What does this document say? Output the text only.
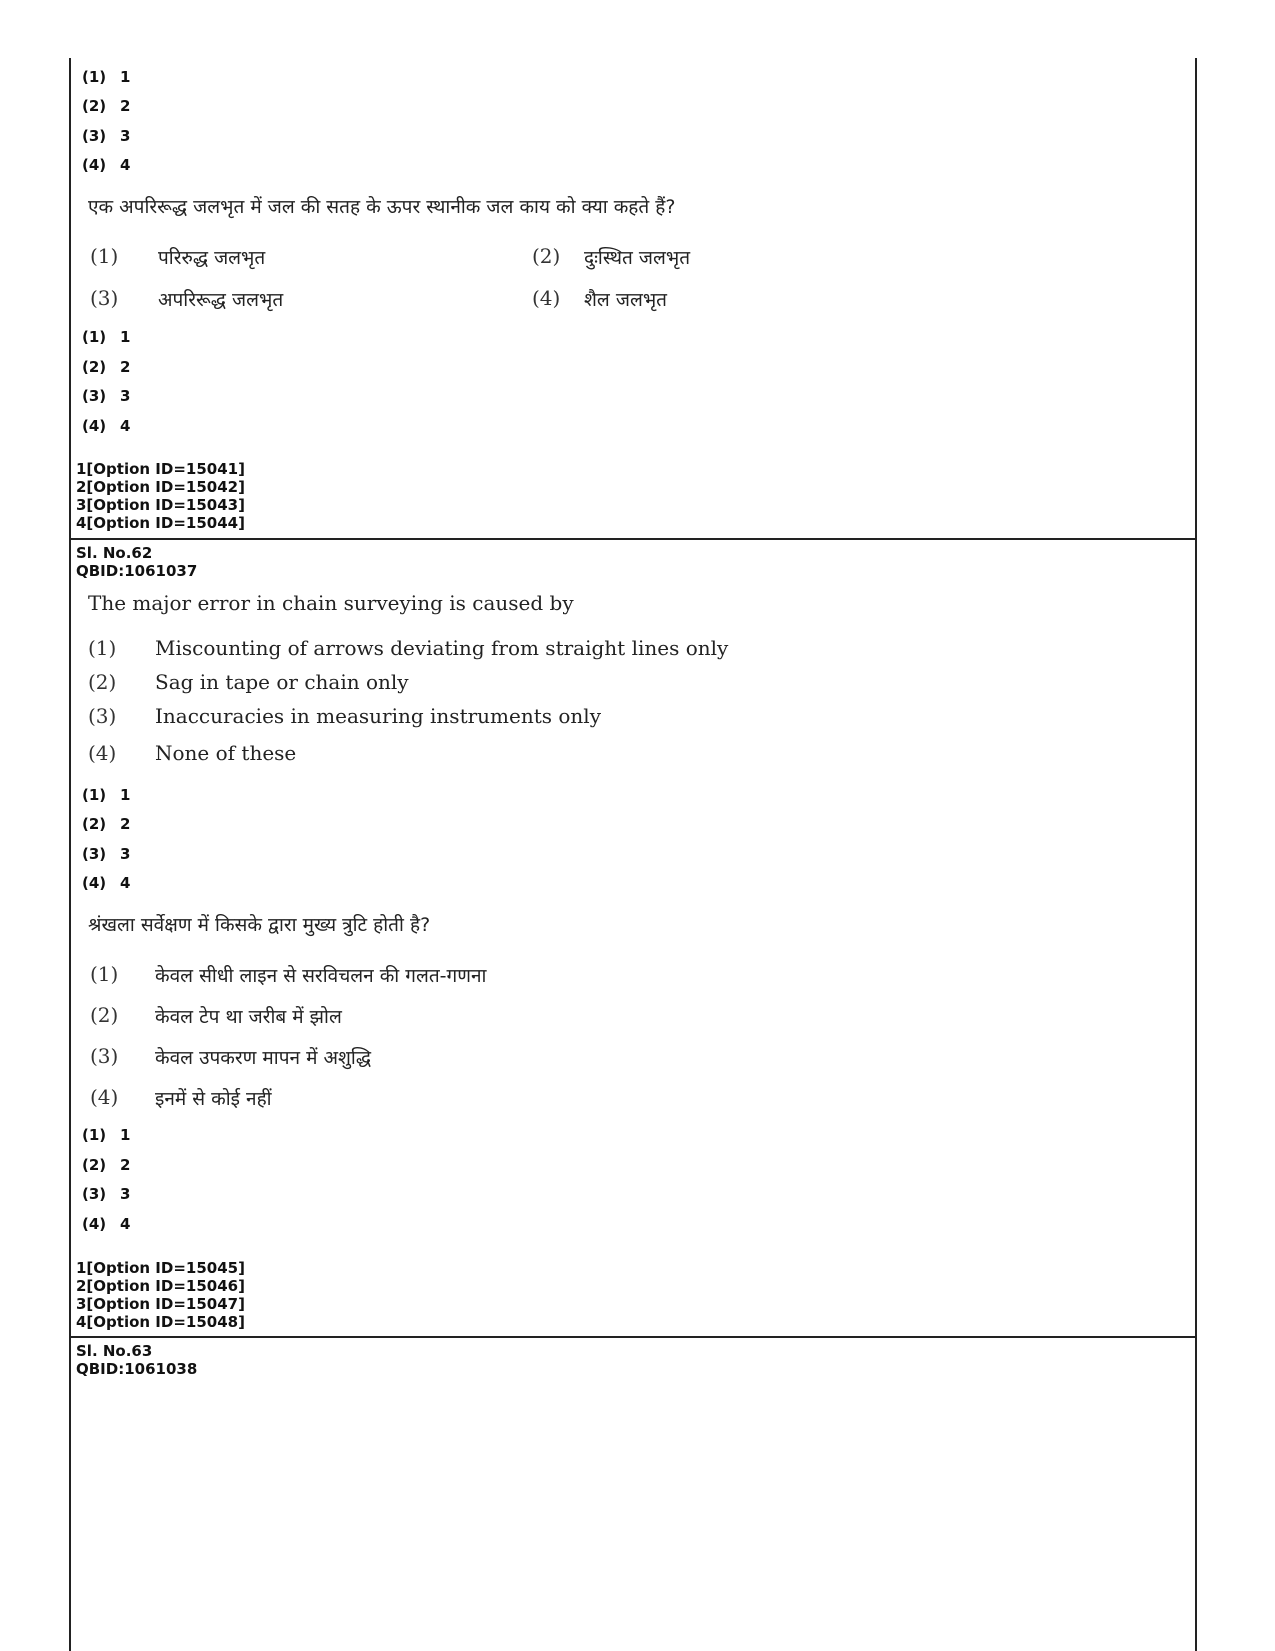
(1) 1
(2) 2
(3) 3
(4) 4
एक अपरिरूद्ध जलभृत में जल की सतह के ऊपर स्थानीक जल काय को क्या कहते हैं?
(1) परिरुद्ध जलभृत	(2) दुःस्थित जलभृत
(3) अपरिरूद्ध जलभृत	(4) शैल जलभृत
(1) 1
(2) 2
(3) 3
(4) 4
1[Option ID=15041]
2[Option ID=15042]
3[Option ID=15043]
4[Option ID=15044]
Sl. No.62
QBID:1061037
The major error in chain surveying is caused by
(1) Miscounting of arrows deviating from straight lines only
(2) Sag in tape or chain only
(3) Inaccuracies in measuring instruments only
(4) None of these
(1) 1
(2) 2
(3) 3
(4) 4
श्रंखला सर्वेक्षण में किसके द्वारा मुख्य त्रुटि होती है?
(1) केवल सीधी लाइन से सरविचलन की गलत-गणना
(2) केवल टेप था जरीब में झोल
(3) केवल उपकरण मापन में अशुद्धि
(4) इनमें से कोई नहीं
(1) 1
(2) 2
(3) 3
(4) 4
1[Option ID=15045]
2[Option ID=15046]
3[Option ID=15047]
4[Option ID=15048]
Sl. No.63
QBID:1061038
